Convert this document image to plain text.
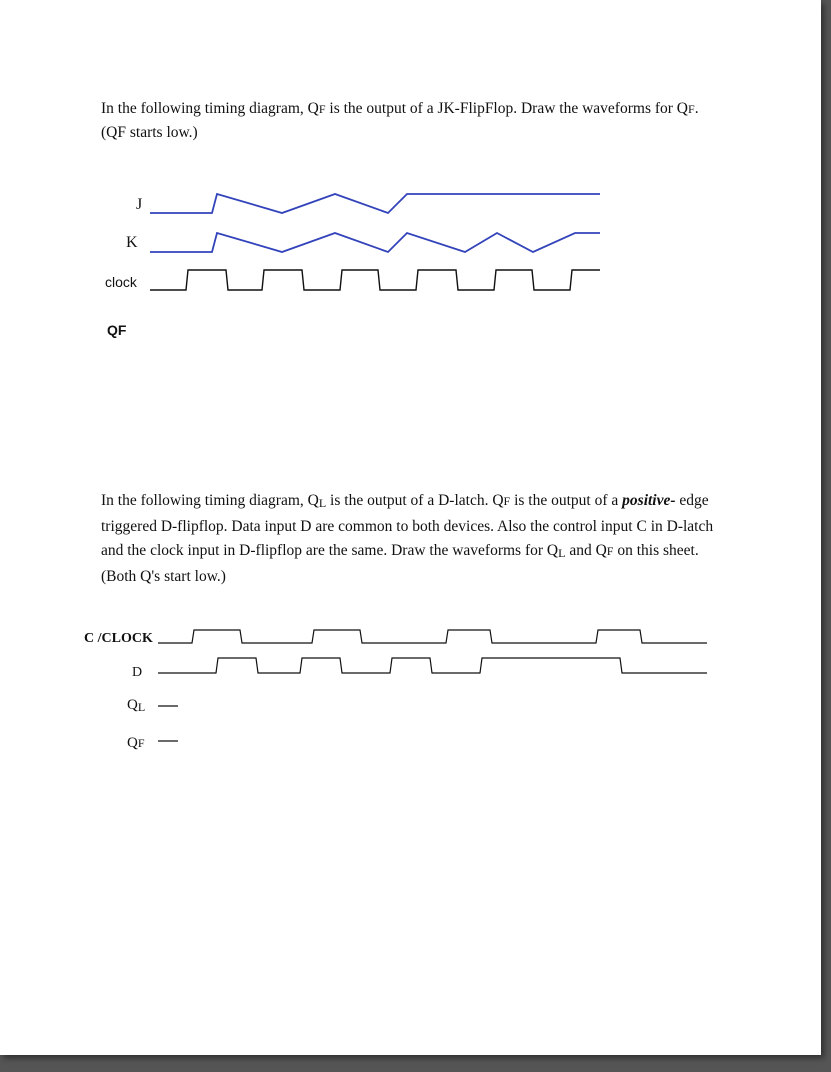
In the following timing diagram, QF is the output of a JK-FlipFlop. Draw the waveforms for QF. (QF starts low.)
J
K
clock
QF
In the following timing diagram, QL is the output of a D-latch. QF is the output of a positive- edge triggered D-flipflop. Data input D are common to both devices. Also the control input C in D-latch and the clock input in D-flipflop are the same. Draw the waveforms for QL and QF on this sheet. (Both Q's start low.)
C /CLOCK
D
QL
QF
